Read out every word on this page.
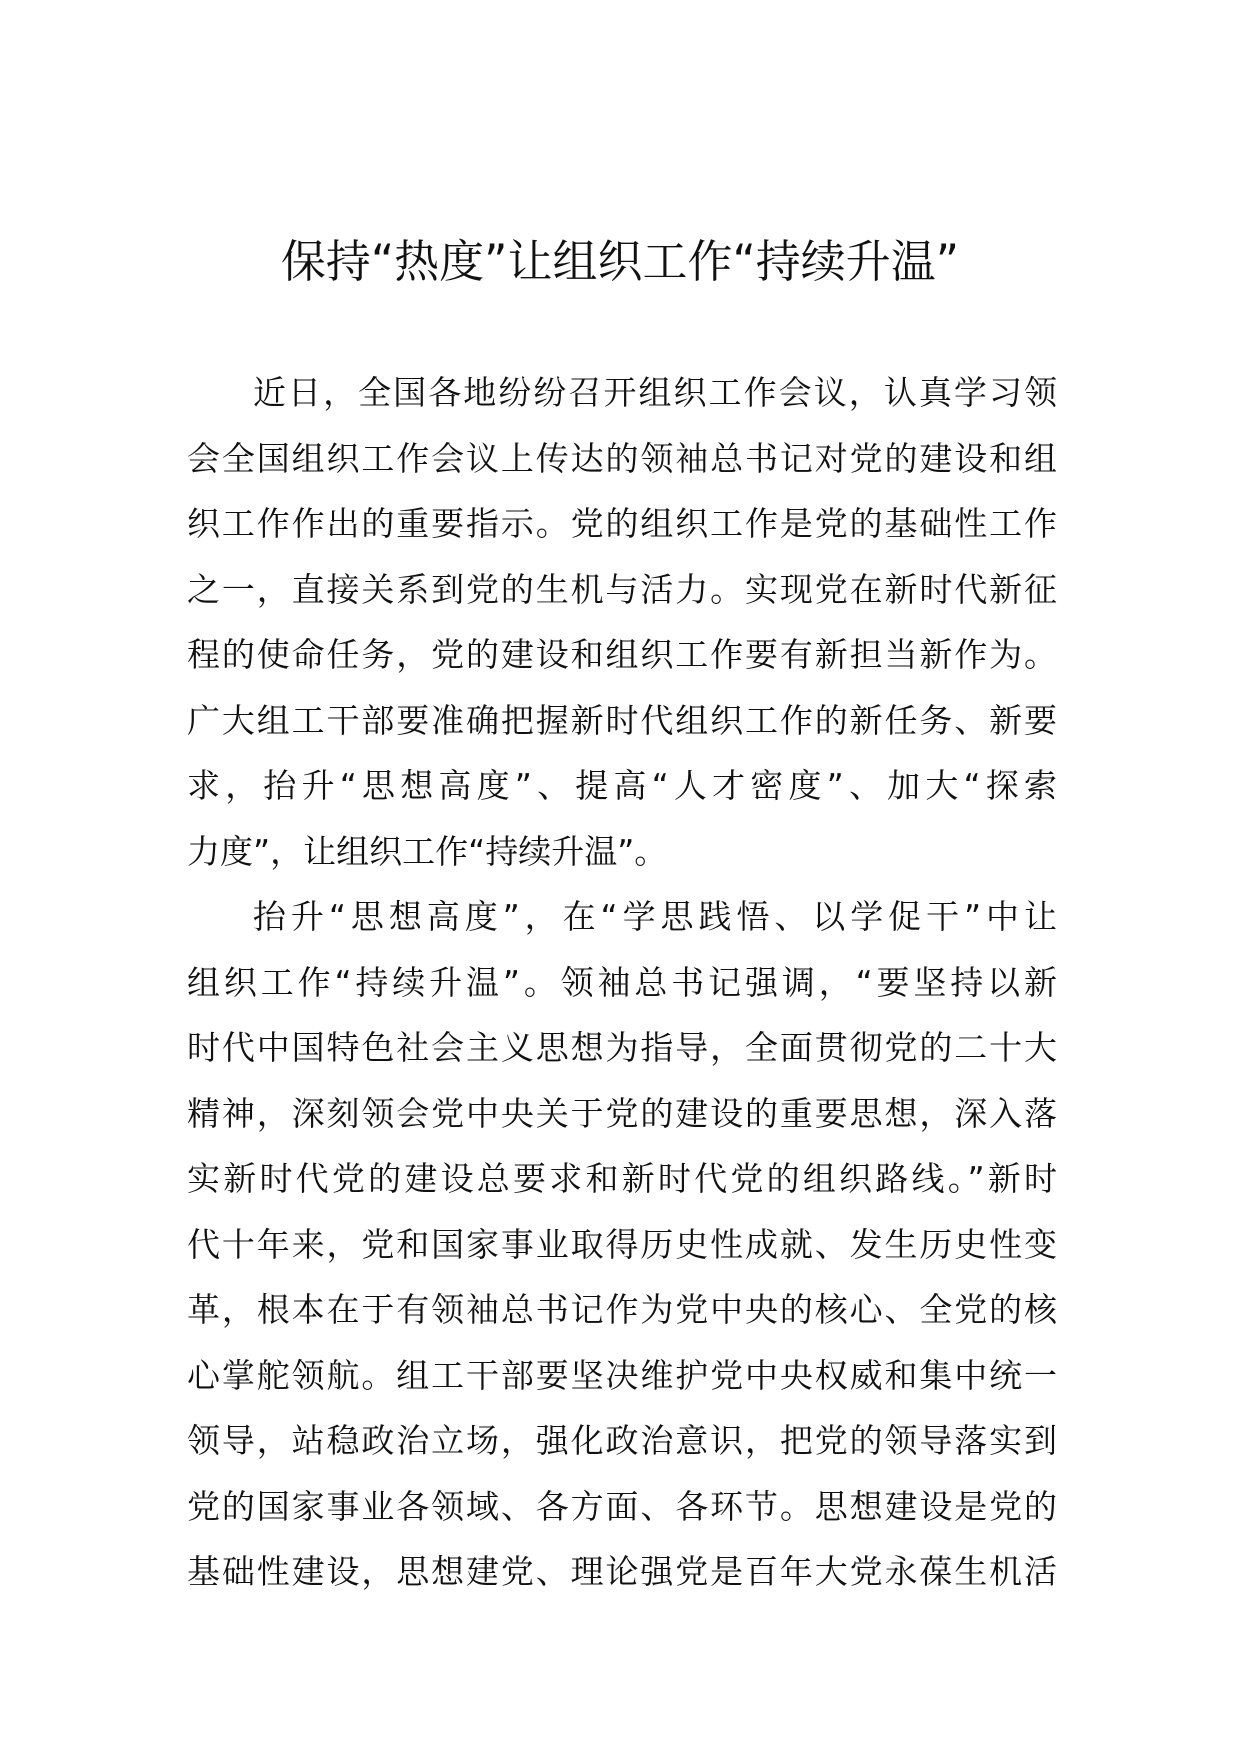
保持“热度”让组织工作“持续升温”
近日，全国各地纷纷召开组织工作会议，认真学习领
会全国组织工作会议上传达的领袖总书记对党的建设和组
织工作作出的重要指示。党的组织工作是党的基础性工作
之一，直接关系到党的生机与活力。实现党在新时代新征
程的使命任务，党的建设和组织工作要有新担当新作为。
广大组工干部要准确把握新时代组织工作的新任务、新要
求，抬升“思想高度”、提高“人才密度”、加大“探索
力度”，让组织工作“持续升温”。
抬升“思想高度”，在“学思践悟、以学促干”中让
组织工作“持续升温”。领袖总书记强调，“要坚持以新
时代中国特色社会主义思想为指导，全面贯彻党的二十大
精神，深刻领会党中央关于党的建设的重要思想，深入落
实新时代党的建设总要求和新时代党的组织路线。”新时
代十年来，党和国家事业取得历史性成就、发生历史性变
革，根本在于有领袖总书记作为党中央的核心、全党的核
心掌舵领航。组工干部要坚决维护党中央权威和集中统一
领导，站稳政治立场，强化政治意识，把党的领导落实到
党的国家事业各领域、各方面、各环节。思想建设是党的
基础性建设，思想建党、理论强党是百年大党永葆生机活
